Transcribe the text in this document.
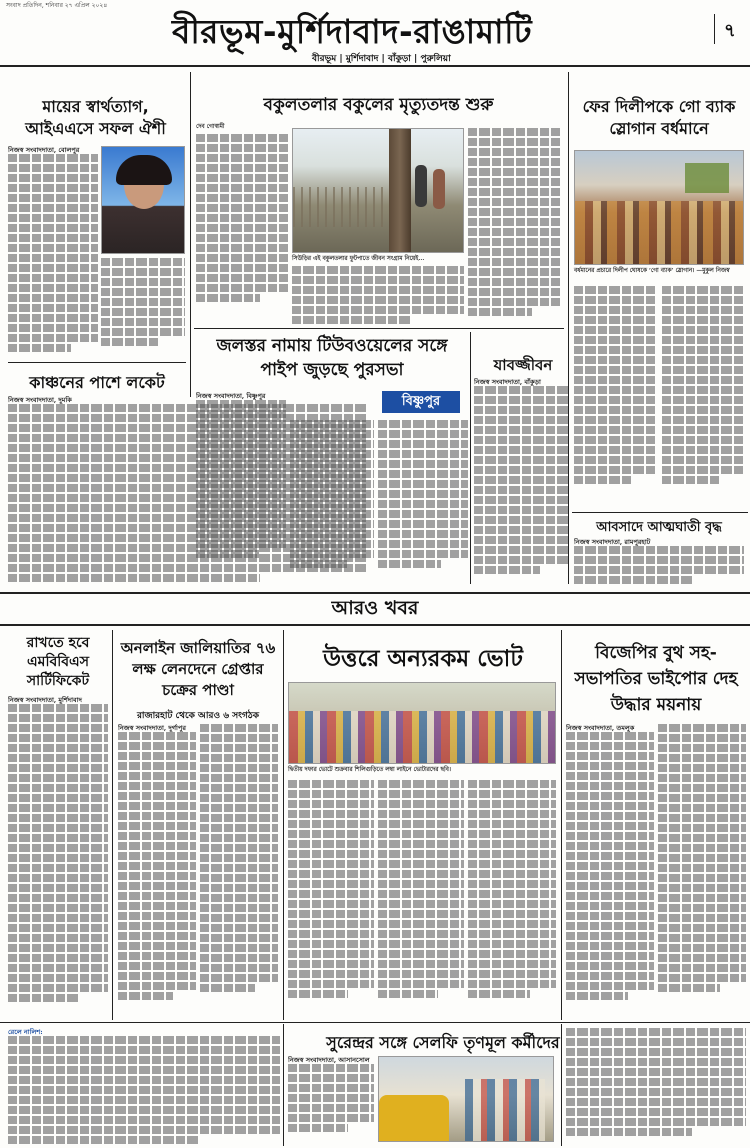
সংবাদ প্রতিদিন, শনিবার ২৭ এপ্রিল ২০২৪
বীরভূম-মুর্শিদাবাদ-রাঙামাটি	৭
বীরভূম | মুর্শিদাবাদ | বাঁকুড়া | পুরুলিয়া
মায়ের স্বার্থত্যাগ, আইএএসে সফল ঐশী
নিজস্ব সংবাদদাতা, বোলপুর
কাঞ্চনের পাশে লকেট
নিজস্ব সংবাদদাতা, দুমকি
বকুলতলার বকুলের মৃত্যুতদন্ত শুরু
দেব গোস্বামী
সিউড়ির এই বকুলতলার ফুটপাতে জীবন সংগ্রাম নিয়েই...
জলস্তর নামায় টিউবওয়েলের সঙ্গে পাইপ জুড়ছে পুরসভা
বিষ্ণুপুর
নিজস্ব সংবাদদাতা, বিষ্ণুপুর
যাবজ্জীবন
নিজস্ব সংবাদদাতা, বাঁকুড়া
ফের দিলীপকে গো ব্যাক স্লোগান বর্ধমানে
বর্ধমানের প্রচারে দিলীপ ঘোষকে ‘গো ব্যাক’ স্লোগান। —মুকুল নিজস্ব
আবসাদে আত্মঘাতী বৃদ্ধ
নিজস্ব সংবাদদাতা, রামপুরহাট
আরও খবর
রাখতে হবে এমবিবিএস সার্টিফিকেট
নিজস্ব সংবাদদাতা, মুর্শিদাবাদ
অনলাইন জালিয়াতির ৭৬ লক্ষ লেনদেনে গ্রেপ্তার চক্রের পাণ্ডা
রাজারহাট থেকে আরও ৬ সংগঠক
নিজস্ব সংবাদদাতা, দুর্গাপুর
উত্তরে অন্যরকম ভোট
দ্বিতীয় দফার ভোটে শুক্রবার শিলিগুড়িতে লম্বা লাইনে ভোটারদের ছবি।
বিজেপির বুথ সহ-সভাপতির ভাইপোর দেহ উদ্ধার ময়নায়
নিজস্ব সংবাদদাতা, তমলুক
রেলে নালিশ:
সুরেন্দ্রর সঙ্গে সেলফি তৃণমূল কর্মীদের
নিজস্ব সংবাদদাতা, আসানসোল
